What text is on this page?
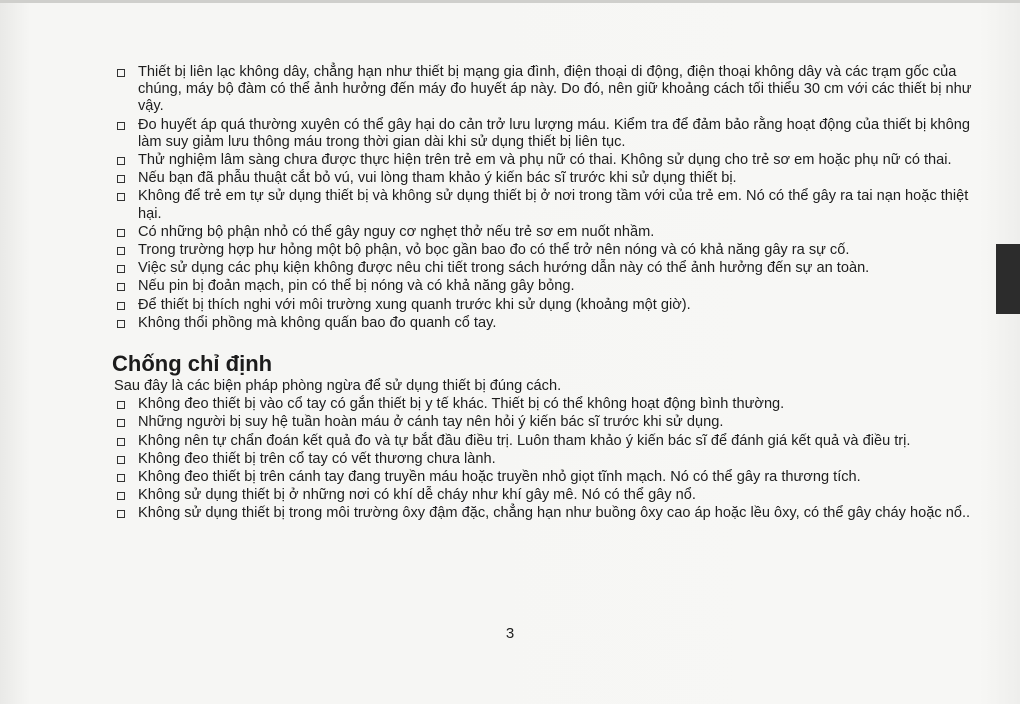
Thiết bị liên lạc không dây, chẳng hạn như thiết bị mạng gia đình, điện thoại di động, điện thoại không dây và các trạm gốc của chúng, máy bộ đàm có thể ảnh hưởng đến máy đo huyết áp này. Do đó, nên giữ khoảng cách tối thiểu 30 cm với các thiết bị như vậy.
Đo huyết áp quá thường xuyên có thể gây hại do cản trở lưu lượng máu. Kiểm tra để đảm bảo rằng hoạt động của thiết bị không làm suy giảm lưu thông máu trong thời gian dài khi sử dụng thiết bị liên tục.
Thử nghiệm lâm sàng chưa được thực hiện trên trẻ em và phụ nữ có thai. Không sử dụng cho trẻ sơ em hoặc phụ nữ có thai.
Nếu bạn đã phẫu thuật cắt bỏ vú, vui lòng tham khảo ý kiến bác sĩ trước khi sử dụng thiết bị.
Không để trẻ em tự sử dụng thiết bị và không sử dụng thiết bị ở nơi trong tầm với của trẻ em. Nó có thể gây ra tai nạn hoặc thiệt hại.
Có những bộ phận nhỏ có thể gây nguy cơ nghẹt thở nếu trẻ sơ em nuốt nhầm.
Trong trường hợp hư hỏng một bộ phận, vỏ bọc gần bao đo có thể trở nên nóng và có khả năng gây ra sự cố.
Việc sử dụng các phụ kiện không được nêu chi tiết trong sách hướng dẫn này có thể ảnh hưởng đến sự an toàn.
Nếu pin bị đoản mạch, pin có thể bị nóng và có khả năng gây bỏng.
Để thiết bị thích nghi với môi trường xung quanh trước khi sử dụng (khoảng một giờ).
Không thổi phồng mà không quấn bao đo quanh cổ tay.
Chống chỉ định
Sau đây là các biện pháp phòng ngừa để sử dụng thiết bị đúng cách.
Không đeo thiết bị vào cổ tay có gắn thiết bị y tế khác. Thiết bị có thể không hoạt động bình thường.
Những người bị suy hệ tuần hoàn máu ở cánh tay nên hỏi ý kiến bác sĩ trước khi sử dụng.
Không nên tự chẩn đoán kết quả đo và tự bắt đầu điều trị. Luôn tham khảo ý kiến bác sĩ để đánh giá kết quả và điều trị.
Không đeo thiết bị trên cổ tay có vết thương chưa lành.
Không đeo thiết bị trên cánh tay đang truyền máu hoặc truyền nhỏ giọt tĩnh mạch. Nó có thể gây ra thương tích.
Không sử dụng thiết bị ở những nơi có khí dễ cháy như khí gây mê. Nó có thể gây nổ.
Không sử dụng thiết bị trong môi trường ôxy đậm đặc, chẳng hạn như buồng ôxy cao áp hoặc lều ôxy, có thể gây cháy hoặc nổ..
3
